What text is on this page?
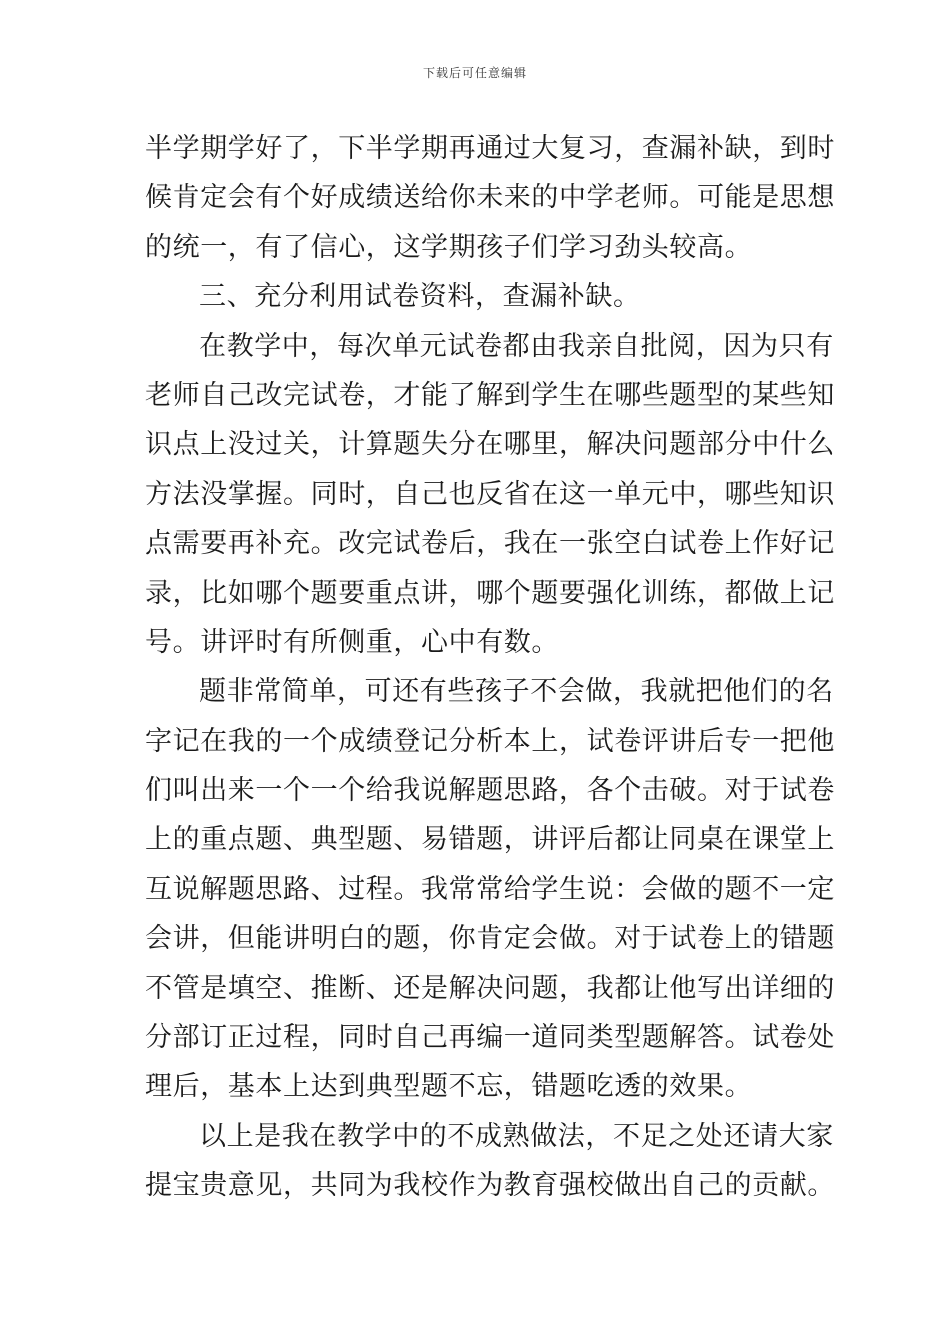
下载后可任意编辑
半学期学好了，下半学期再通过大复习，查漏补缺，到时
候肯定会有个好成绩送给你未来的中学老师。可能是思想
的统一，有了信心，这学期孩子们学习劲头较高。
三、充分利用试卷资料，查漏补缺。
在教学中，每次单元试卷都由我亲自批阅，因为只有
老师自己改完试卷，才能了解到学生在哪些题型的某些知
识点上没过关，计算题失分在哪里，解决问题部分中什么
方法没掌握。同时，自己也反省在这一单元中，哪些知识
点需要再补充。改完试卷后，我在一张空白试卷上作好记
录，比如哪个题要重点讲，哪个题要强化训练，都做上记
号。讲评时有所侧重，心中有数。
题非常简单，可还有些孩子不会做，我就把他们的名
字记在我的一个成绩登记分析本上，试卷评讲后专一把他
们叫出来一个一个给我说解题思路，各个击破。对于试卷
上的重点题、典型题、易错题，讲评后都让同桌在课堂上
互说解题思路、过程。我常常给学生说：会做的题不一定
会讲，但能讲明白的题，你肯定会做。对于试卷上的错题
不管是填空、推断、还是解决问题，我都让他写出详细的
分部订正过程，同时自己再编一道同类型题解答。试卷处
理后，基本上达到典型题不忘，错题吃透的效果。
以上是我在教学中的不成熟做法，不足之处还请大家
提宝贵意见，共同为我校作为教育强校做出自己的贡献。
